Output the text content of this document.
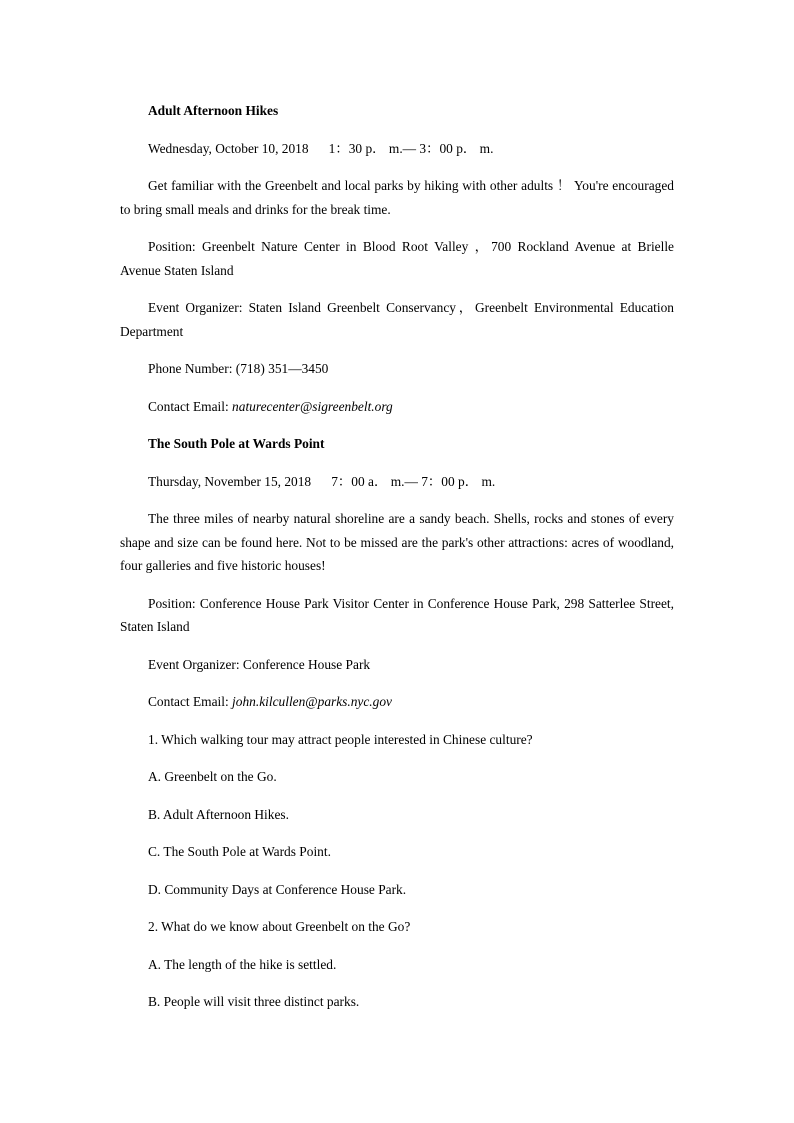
Adult Afternoon Hikes

Wednesday, October 10, 2018      1：30 p． m.— 3：00 p． m.

Get familiar with the Greenbelt and local parks by hiking with other adults ！ You're encouraged to bring small meals and drinks for the break time.

Position: Greenbelt Nature Center in Blood Root Valley ，700 Rockland Avenue at Brielle Avenue Staten Island

Event Organizer: Staten Island Greenbelt Conservancy，Greenbelt Environmental Education Department

Phone Number: (718) 351—3450

Contact Email: naturecenter@sigreenbelt.org

The South Pole at Wards Point

Thursday, November 15, 2018      7：00 a． m.— 7：00 p． m.

The three miles of nearby natural shoreline are a sandy beach. Shells, rocks and stones of every shape and size can be found here. Not to be missed are the park's other attractions: acres of woodland, four galleries and five historic houses!

Position: Conference House Park Visitor Center in Conference House Park, 298 Satterlee Street, Staten Island

Event Organizer: Conference House Park

Contact Email: john.kilcullen@parks.nyc.gov

1. Which walking tour may attract people interested in Chinese culture?

A. Greenbelt on the Go.

B. Adult Afternoon Hikes.

C. The South Pole at Wards Point.

D. Community Days at Conference House Park.

2. What do we know about Greenbelt on the Go?

A. The length of the hike is settled.

B. People will visit three distinct parks.
